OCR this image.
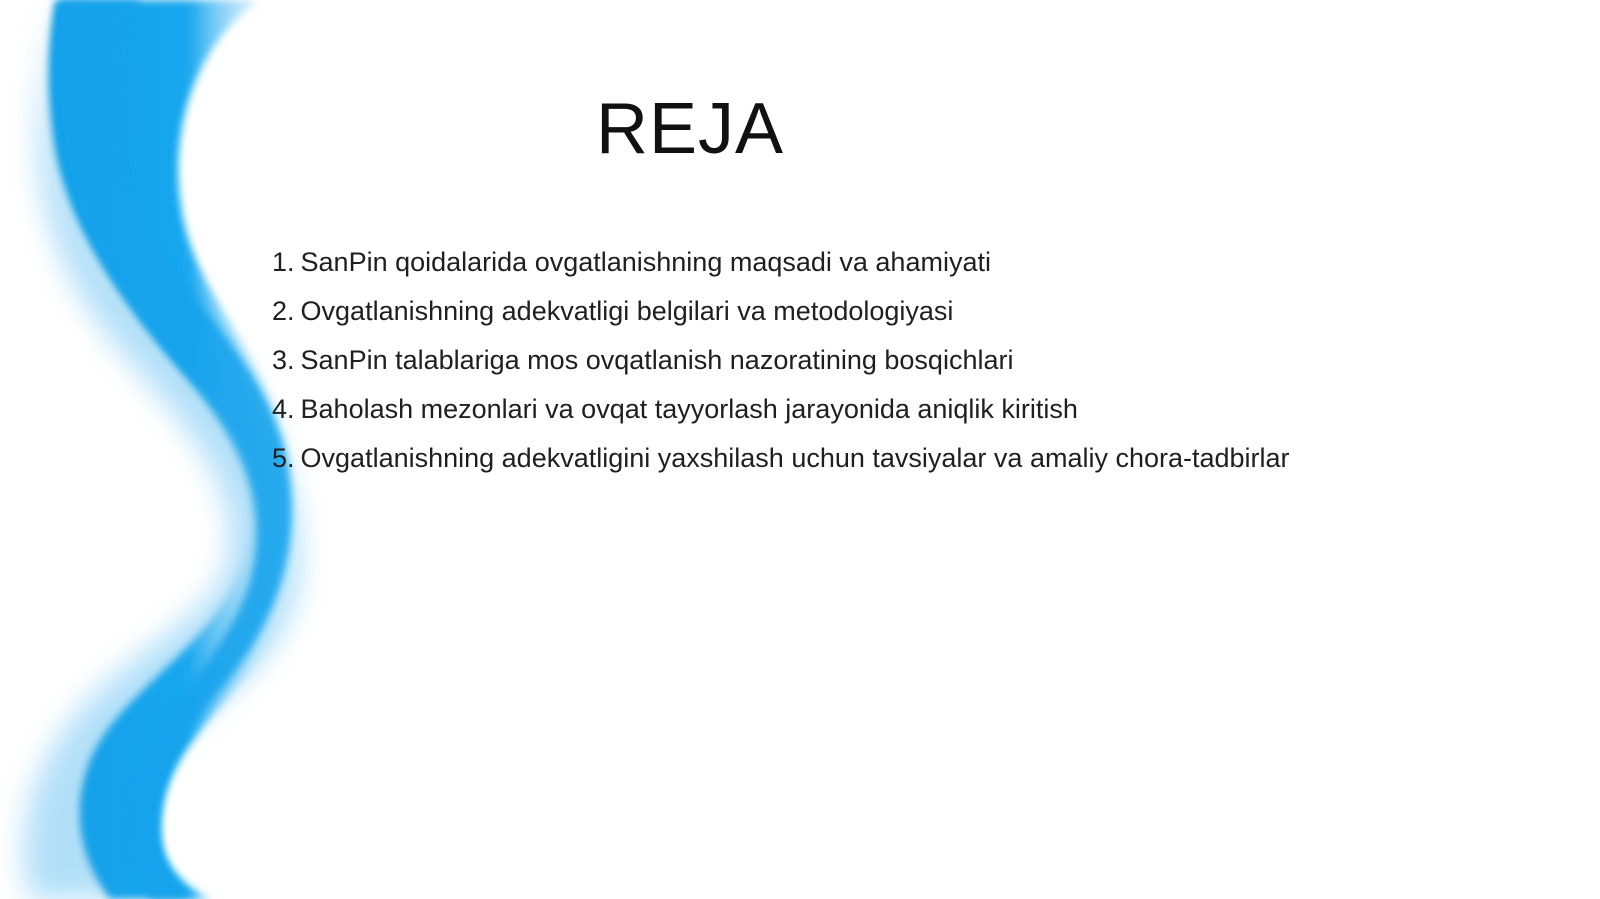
REJA
1. SanPin qoidalarida ovgatlanishning maqsadi va ahamiyati
2. Ovgatlanishning adekvatligi belgilari va metodologiyasi
3. SanPin talablariga mos ovqatlanish nazoratining bosqichlari
4. Baholash mezonlari va ovqat tayyorlash jarayonida aniqlik kiritish
5. Ovgatlanishning adekvatligini yaxshilash uchun tavsiyalar va amaliy chora-tadbirlar
